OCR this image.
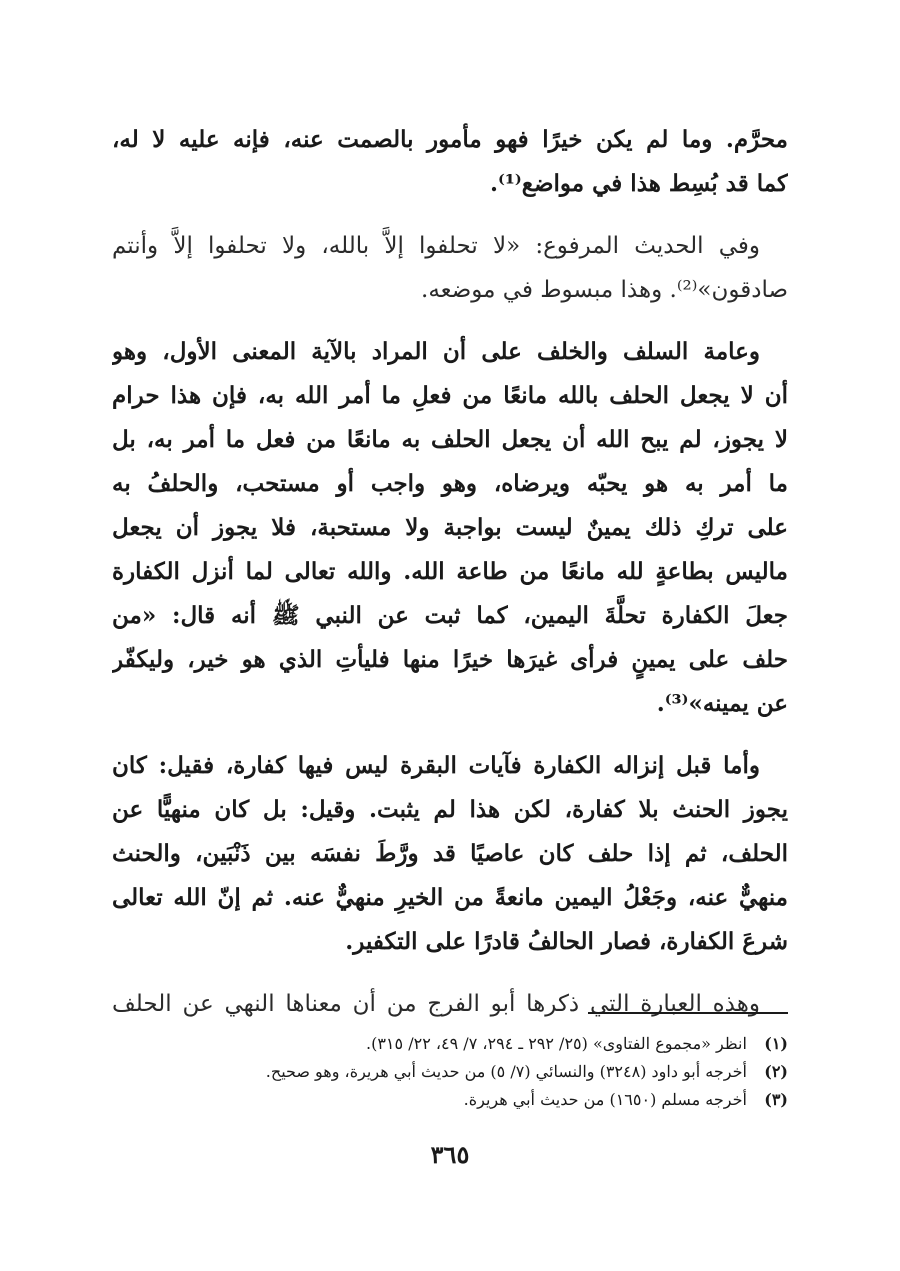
محرَّم. وما لم يكن خيرًا فهو مأمور بالصمت عنه، فإنه عليه لا له،
كما قد بُسِط هذا في مواضع⁽¹⁾.
وفي الحديث المرفوع: «لا تحلفوا إلاَّ بالله، ولا تحلفوا إلاَّ وأنتم
صادقون»⁽²⁾. وهذا مبسوط في موضعه.
وعامة السلف والخلف على أن المراد بالآية المعنى الأول، وهو
أن لا يجعل الحلف بالله مانعًا من فعلِ ما أمر الله به، فإن هذا حرام
لا يجوز، لم يبح الله أن يجعل الحلف به مانعًا من فعل ما أمر به، بل
ما أمر به هو يحبّه ويرضاه، وهو واجب أو مستحب، والحلفُ به
على تركِ ذلك يمينٌ ليست بواجبة ولا مستحبة، فلا يجوز أن يجعل
ماليس بطاعةٍ لله مانعًا من طاعة الله. والله تعالى لما أنزل الكفارة
جعلَ الكفارة تحلَّةَ اليمين، كما ثبت عن النبي ﷺ أنه قال: «من
حلف على يمينٍ فرأى غيرَها خيرًا منها فليأتِ الذي هو خير، وليكفّر
عن يمينه»⁽³⁾.
وأما قبل إنزاله الكفارة فآيات البقرة ليس فيها كفارة، فقيل: كان
يجوز الحنث بلا كفارة، لكن هذا لم يثبت. وقيل: بل كان منهيًّا عن
الحلف، ثم إذا حلف كان عاصيًا قد ورَّطَ نفسَه بين ذَنْبَين، والحنث
منهيٌّ عنه، وجَعْلُ اليمين مانعةً من الخيرِ منهيٌّ عنه. ثم إنّ الله تعالى
شرعَ الكفارة، فصار الحالفُ قادرًا على التكفير.
وهذه العبارة التي ذكرها أبو الفرج من أن معناها النهي عن الحلف
(١) انظر «مجموع الفتاوى» (٢٥/ ٢٩٢ ـ ٢٩٤، ٧/ ٤٩، ٢٢/ ٣١٥).
(٢) أخرجه أبو داود (٣٢٤٨) والنسائي (٧/ ٥) من حديث أبي هريرة، وهو صحيح.
(٣) أخرجه مسلم (١٦٥٠) من حديث أبي هريرة.
٣٦٥
